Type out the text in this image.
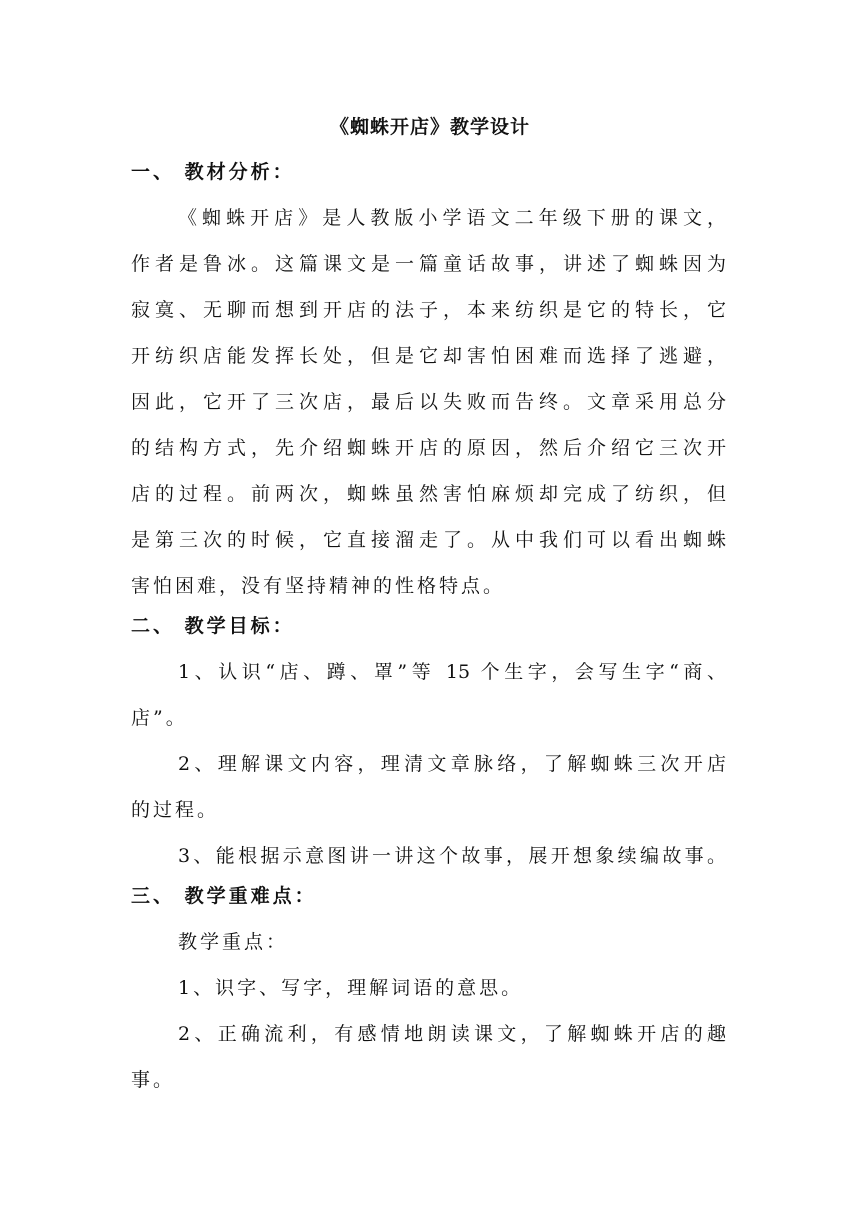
《蜘蛛开店》教学设计
一、 教材分析：
《蜘蛛开店》是人教版小学语文二年级下册的课文，
作者是鲁冰。这篇课文是一篇童话故事，讲述了蜘蛛因为
寂寞、无聊而想到开店的法子，本来纺织是它的特长，它
开纺织店能发挥长处，但是它却害怕困难而选择了逃避，
因此，它开了三次店，最后以失败而告终。文章采用总分
的结构方式，先介绍蜘蛛开店的原因，然后介绍它三次开
店的过程。前两次，蜘蛛虽然害怕麻烦却完成了纺织，但
是第三次的时候，它直接溜走了。从中我们可以看出蜘蛛
害怕困难，没有坚持精神的性格特点。
二、 教学目标：
1、认识“店、蹲、罩”等 15 个生字，会写生字“商、
店”。
2、理解课文内容，理清文章脉络，了解蜘蛛三次开店
的过程。
3、能根据示意图讲一讲这个故事，展开想象续编故事。
三、 教学重难点：
教学重点：
1、识字、写字，理解词语的意思。
2、正确流利，有感情地朗读课文，了解蜘蛛开店的趣
事。
